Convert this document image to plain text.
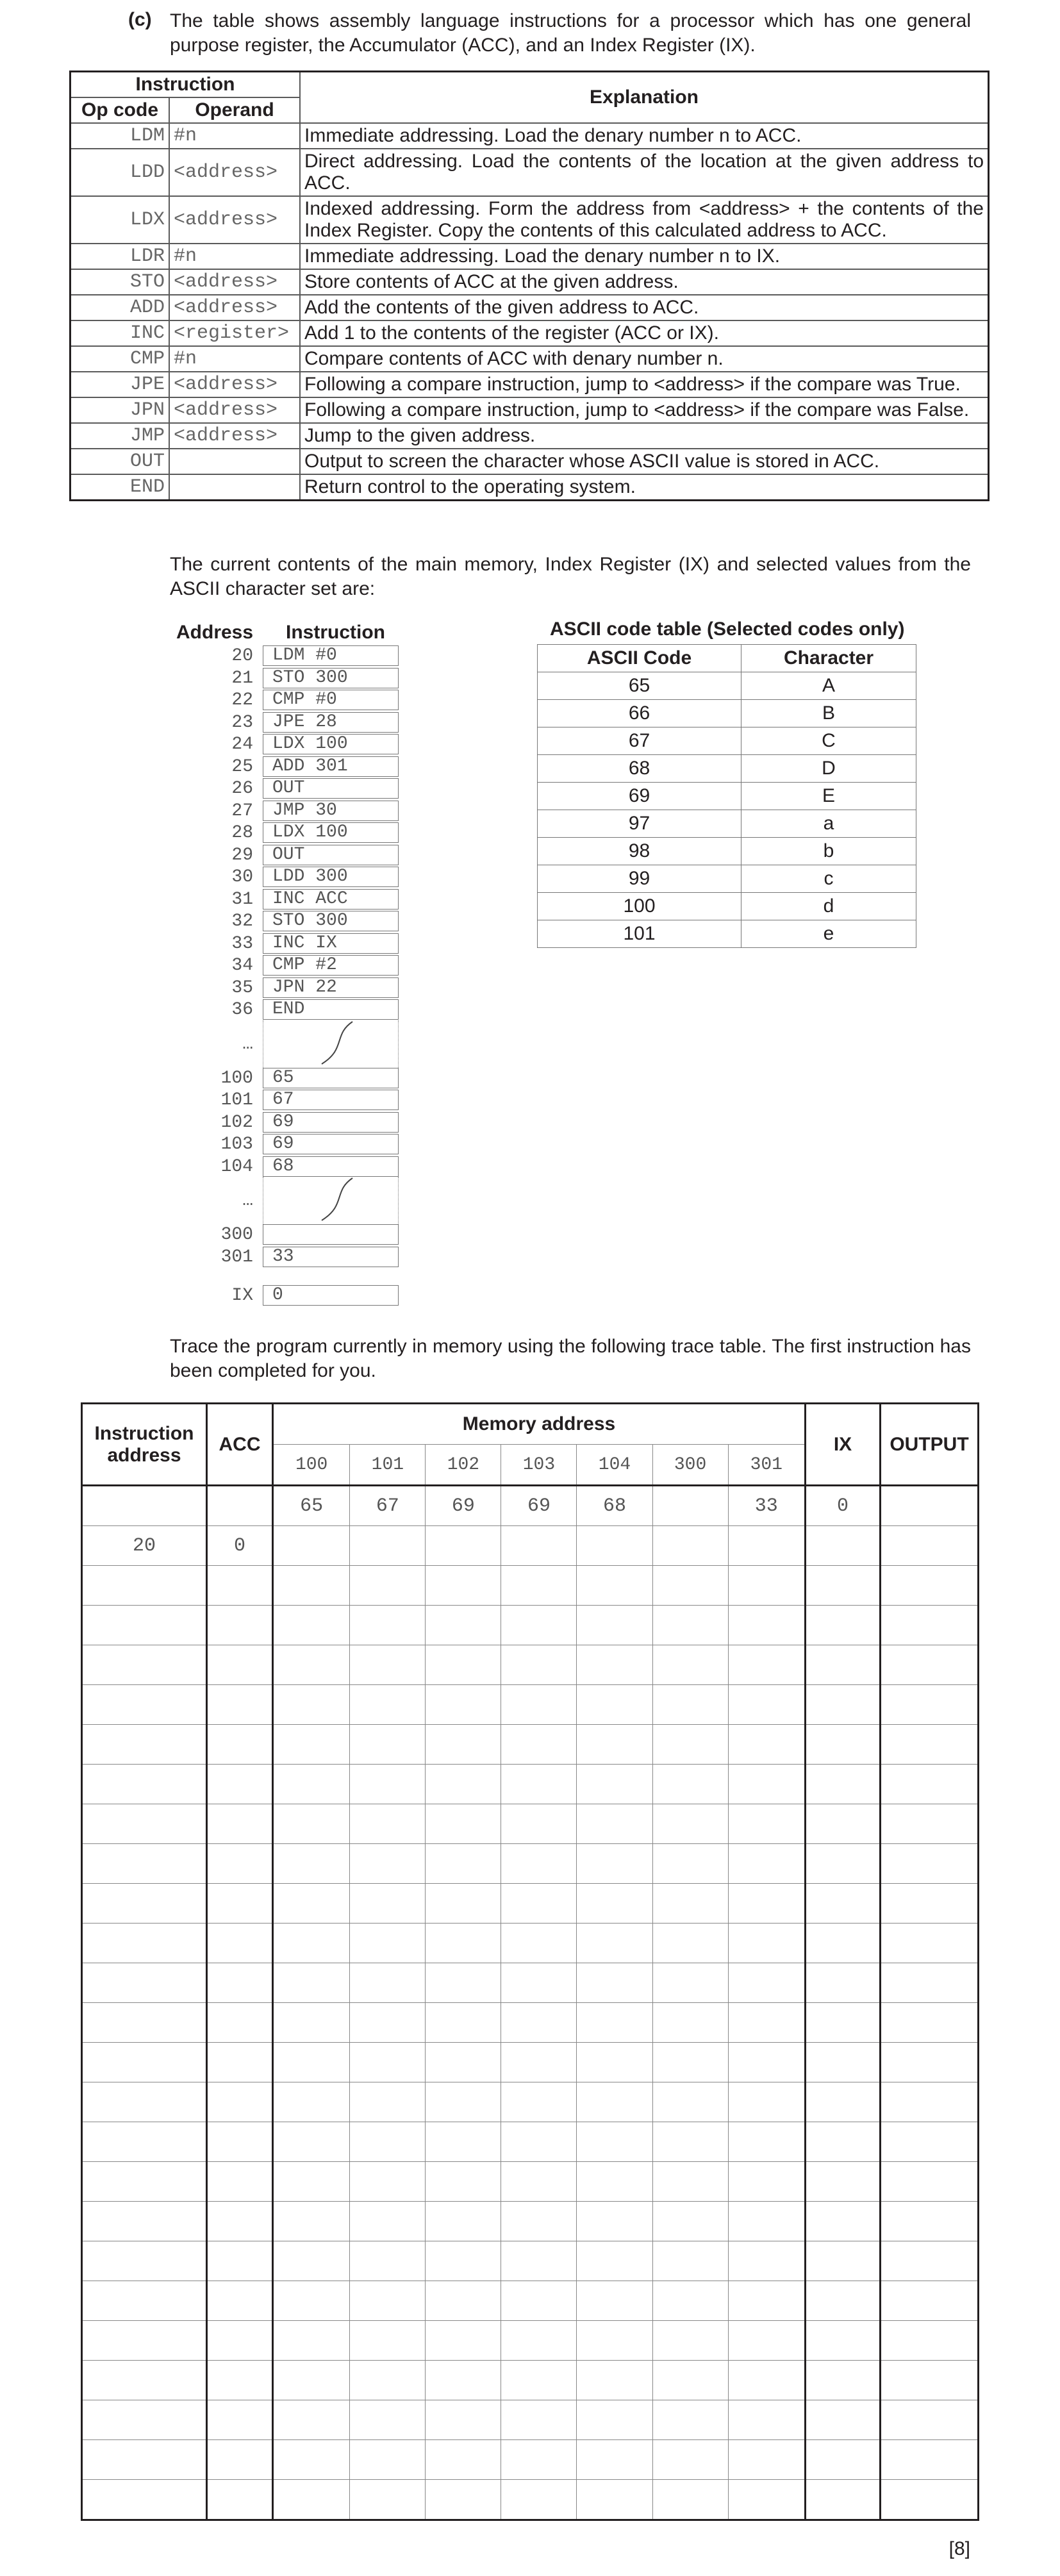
(c) The table shows assembly language instructions for a processor which has one general purpose register, the Accumulator (ACC), and an Index Register (IX).
Instruction		Explanation
Op code	Operand	
LDM	#n	Immediate addressing. Load the denary number n to ACC.
LDD	<address>	Direct addressing. Load the contents of the location at the given address to ACC.
LDX	<address>	Indexed addressing. Form the address from <address> + the contents of the Index Register. Copy the contents of this calculated address to ACC.
LDR	#n	Immediate addressing. Load the denary number n to IX.
STO	<address>	Store contents of ACC at the given address.
ADD	<address>	Add the contents of the given address to ACC.
INC	<register>	Add 1 to the contents of the register (ACC or IX).
CMP	#n	Compare contents of ACC with denary number n.
JPE	<address>	Following a compare instruction, jump to <address> if the compare was True.
JPN	<address>	Following a compare instruction, jump to <address> if the compare was False.
JMP	<address>	Jump to the given address.
OUT		Output to screen the character whose ASCII value is stored in ACC.
END		Return control to the operating system.
The current contents of the main memory, Index Register (IX) and selected values from the ASCII character set are:
Address Instruction
20	LDM #0
21	STO 300
22	CMP #0
23	JPE 28
24	LDX 100
25	ADD 301
26	OUT
27	JMP 30
28	LDX 100
29	OUT
30	LDD 300
31	INC ACC
32	STO 300
33	INC IX
34	CMP #2
35	JPN 22
36	END
…
100	65
101	67
102	69
103	69
104	68
…
300
301	33
IX	0
ASCII code table (Selected codes only)
ASCII Code	Character
65	A
66	B
67	C
68	D
69	E
97	a
98	b
99	c
100	d
101	e
Trace the program currently in memory using the following trace table. The first instruction has been completed for you.
Instruction address	ACC	Memory address							IX	OUTPUT
		100	101	102	103	104	300	301		
		65	67	69	69	68		33	0	
20	0									

[8]
